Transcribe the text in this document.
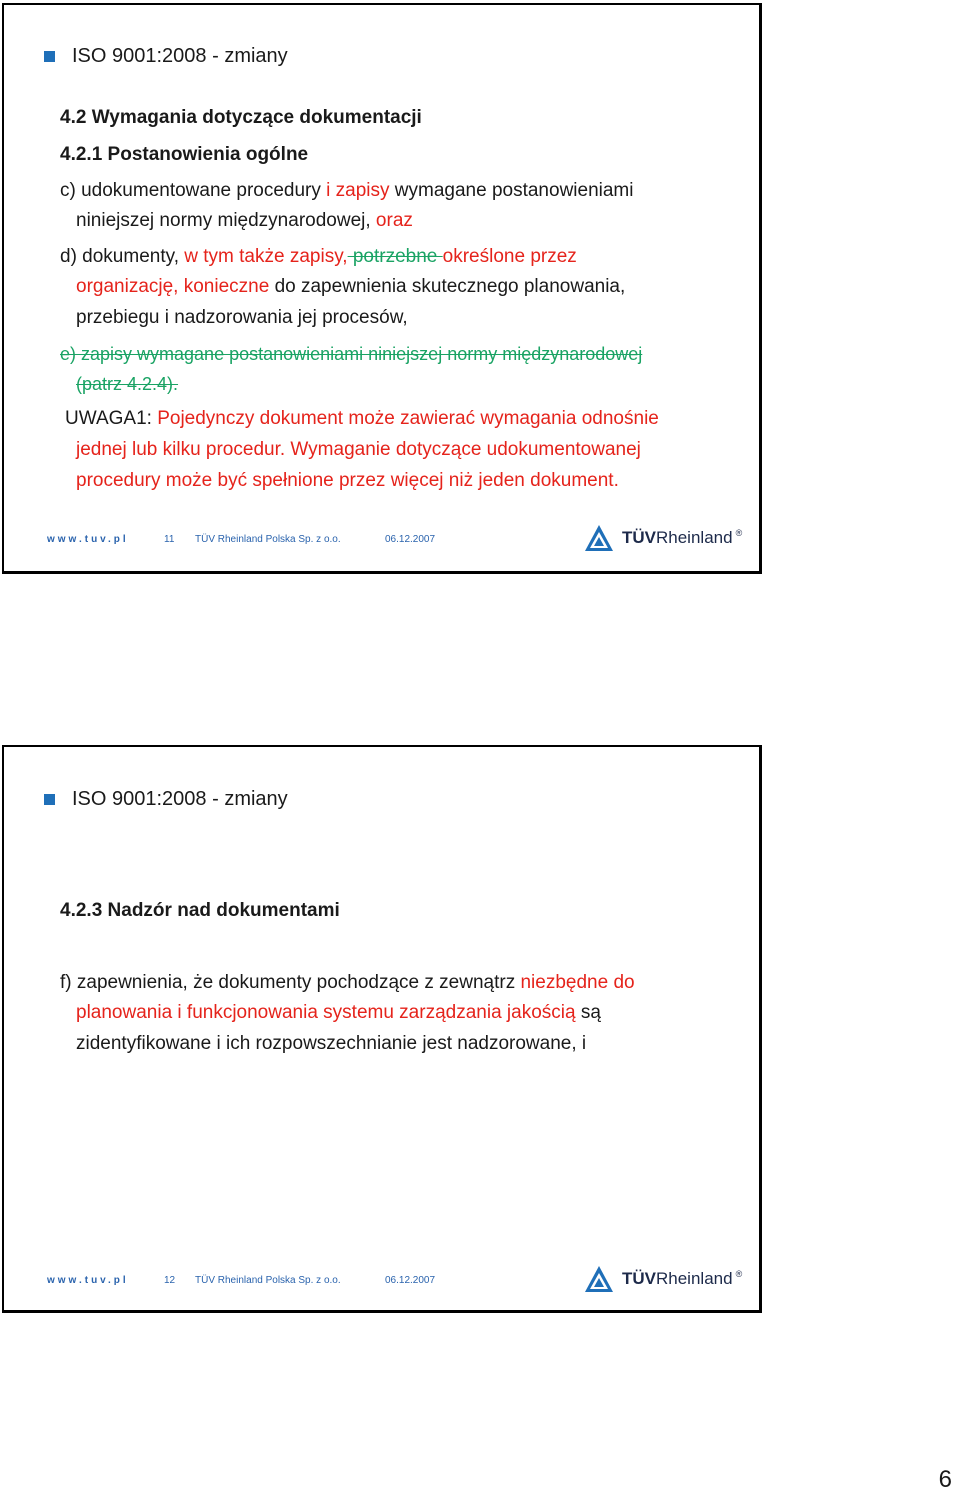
ISO 9001:2008 - zmiany
4.2 Wymagania dotyczące dokumentacji
4.2.1 Postanowienia ogólne
c) udokumentowane procedury i zapisy wymagane postanowieniami
niniejszej normy międzynarodowej, oraz
d) dokumenty, w tym także zapisy, potrzebne określone przez
organizację, konieczne do zapewnienia skutecznego planowania,
przebiegu i nadzorowania jej procesów,
e) zapisy wymagane postanowieniami niniejszej normy międzynarodowej
(patrz 4.2.4).
UWAGA1: Pojedynczy dokument może zawierać wymagania odnośnie
jednej lub kilku procedur. Wymaganie dotyczące udokumentowanej
procedury może być spełnione przez więcej niż jeden dokument.
www.tuv.pl	11 TÜV Rheinland Polska Sp. z o.o.	06.12.2007	TÜVRheinland ®
ISO 9001:2008 - zmiany
4.2.3 Nadzór nad dokumentami
f) zapewnienia, że dokumenty pochodzące z zewnątrz niezbędne do
planowania i funkcjonowania systemu zarządzania jakością są
zidentyfikowane i ich rozpowszechnianie jest nadzorowane, i
www.tuv.pl	12 TÜV Rheinland Polska Sp. z o.o.	06.12.2007	TÜVRheinland ®
6
